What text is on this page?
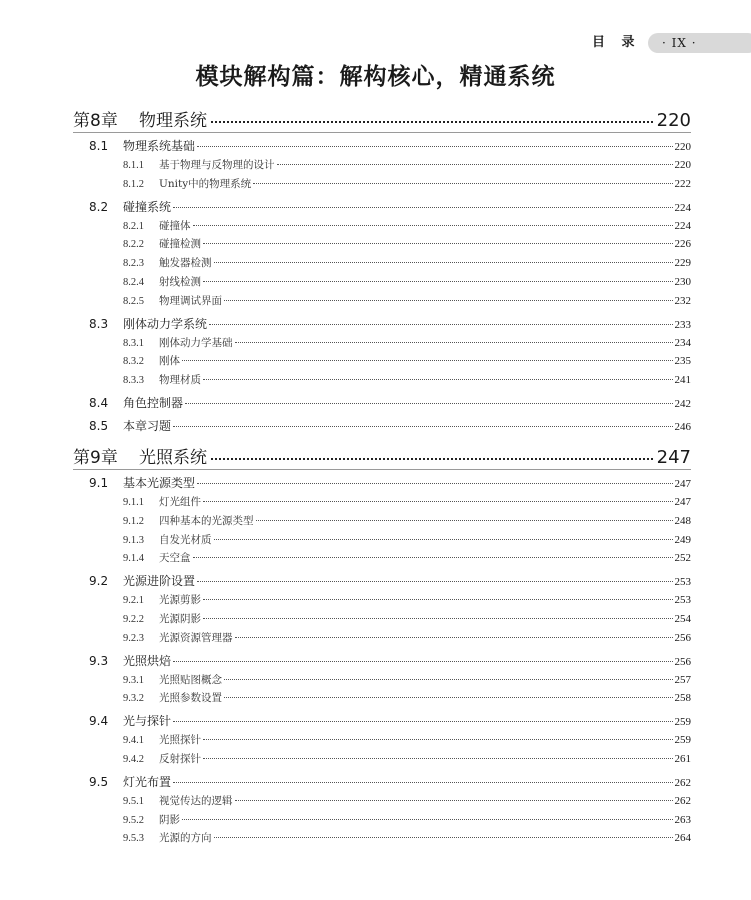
目 录 · IX ·
模块解构篇：解构核心，精通系统
第8章	物理系统	220
8.1	物理系统基础	220
8.1.1	基于物理与反物理的设计	220
8.1.2	Unity中的物理系统	222
8.2	碰撞系统	224
8.2.1	碰撞体	224
8.2.2	碰撞检测	226
8.2.3	触发器检测	229
8.2.4	射线检测	230
8.2.5	物理调试界面	232
8.3	刚体动力学系统	233
8.3.1	刚体动力学基础	234
8.3.2	刚体	235
8.3.3	物理材质	241
8.4	角色控制器	242
8.5	本章习题	246
第9章	光照系统	247
9.1	基本光源类型	247
9.1.1	灯光组件	247
9.1.2	四种基本的光源类型	248
9.1.3	自发光材质	249
9.1.4	天空盒	252
9.2	光源进阶设置	253
9.2.1	光源剪影	253
9.2.2	光源阴影	254
9.2.3	光源资源管理器	256
9.3	光照烘焙	256
9.3.1	光照贴图概念	257
9.3.2	光照参数设置	258
9.4	光与探针	259
9.4.1	光照探针	259
9.4.2	反射探针	261
9.5	灯光布置	262
9.5.1	视觉传达的逻辑	262
9.5.2	阴影	263
9.5.3	光源的方向	264
